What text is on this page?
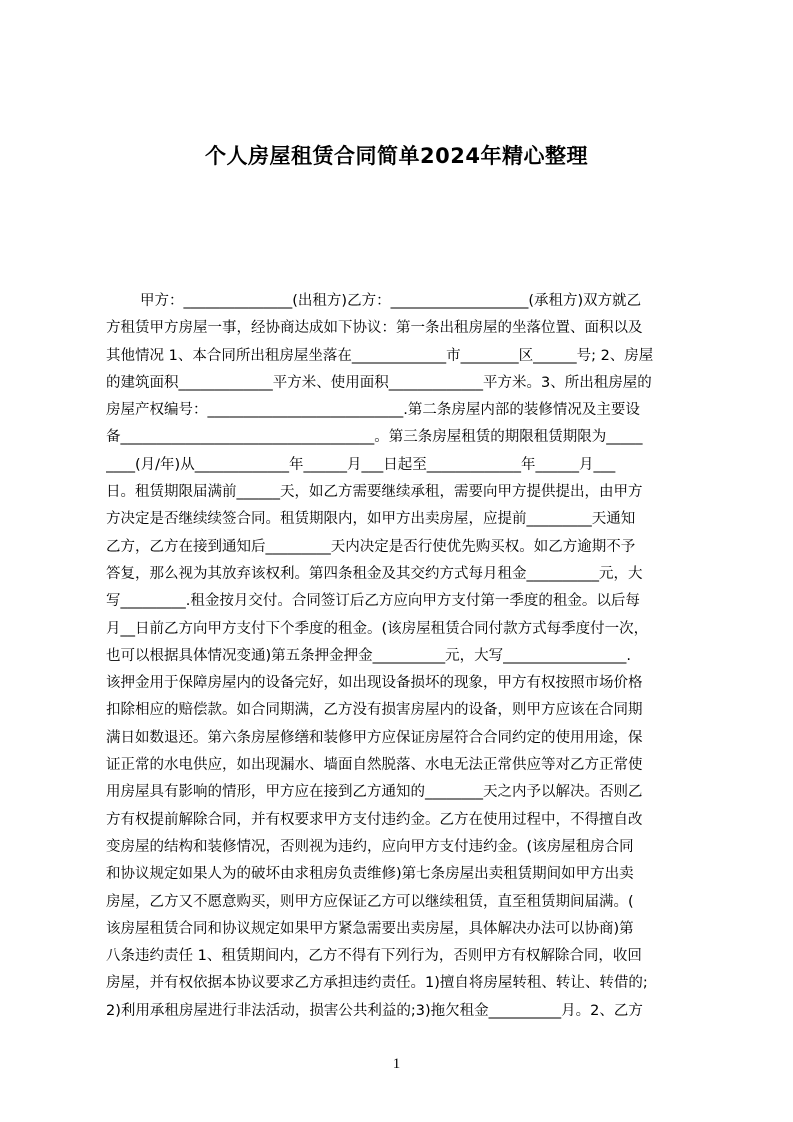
个人房屋租赁合同简单2024年精心整理
甲方：_______________(出租方)乙方：___________________(承租方)双方就乙
方租赁甲方房屋一事，经协商达成如下协议：第一条出租房屋的坐落位置、面积以及
其他情况 1、本合同所出租房屋坐落在_____________市________区______号; 2、房屋
的建筑面积_____________平方米、使用面积_____________平方米。3、所出租房屋的
房屋产权编号：___________________________.第二条房屋内部的装修情况及主要设
备___________________________________。第三条房屋租赁的期限租赁期限为_____
____(月/年)从_____________年______月___日起至_____________年______月___
日。租赁期限届满前______天，如乙方需要继续承租，需要向甲方提供提出，由甲方
方决定是否继续续签合同。租赁期限内，如甲方出卖房屋，应提前_________天通知
乙方，乙方在接到通知后_________天内决定是否行使优先购买权。如乙方逾期不予
答复，那么视为其放弃该权利。第四条租金及其交约方式每月租金__________元，大
写_________.租金按月交付。合同签订后乙方应向甲方支付第一季度的租金。以后每
月__日前乙方向甲方支付下个季度的租金。(该房屋租赁合同付款方式每季度付一次，
也可以根据具体情况变通)第五条押金押金__________元，大写_________________.
该押金用于保障房屋内的设备完好，如出现设备损坏的现象，甲方有权按照市场价格
扣除相应的赔偿款。如合同期满，乙方没有损害房屋内的设备，则甲方应该在合同期
满日如数退还。第六条房屋修缮和装修甲方应保证房屋符合合同约定的使用用途，保
证正常的水电供应，如出现漏水、墙面自然脱落、水电无法正常供应等对乙方正常使
用房屋具有影响的情形，甲方应在接到乙方通知的________天之内予以解决。否则乙
方有权提前解除合同，并有权要求甲方支付违约金。乙方在使用过程中，不得擅自改
变房屋的结构和装修情况，否则视为违约，应向甲方支付违约金。(该房屋租房合同
和协议规定如果人为的破坏由求租房负责维修)第七条房屋出卖租赁期间如甲方出卖
房屋，乙方又不愿意购买，则甲方应保证乙方可以继续租赁，直至租赁期间届满。(
该房屋租赁合同和协议规定如果甲方紧急需要出卖房屋，具体解决办法可以协商)第
八条违约责任 1、租赁期间内，乙方不得有下列行为，否则甲方有权解除合同，收回
房屋，并有权依据本协议要求乙方承担违约责任。1)擅自将房屋转租、转让、转借的;
2)利用承租房屋进行非法活动，损害公共利益的;3)拖欠租金__________月。2、乙方
1
